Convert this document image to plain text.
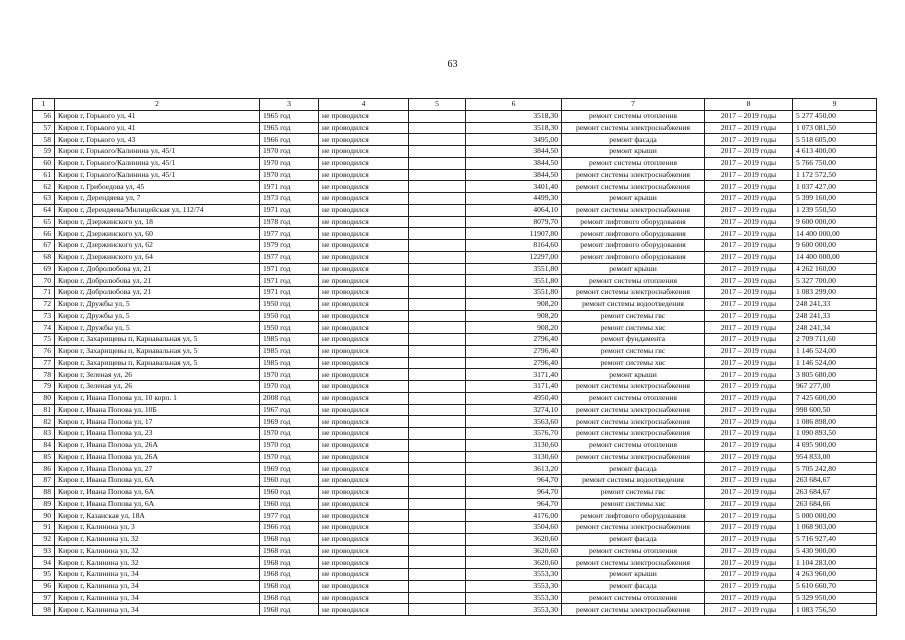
63
1	2	3	4	5	6	7	8	9
56	Киров г, Горького ул, 41	1965 год	не проводился		3518,30	ремонт системы отопления	2017 – 2019 годы	5 277 450,00
57	Киров г, Горького ул, 41	1965 год	не проводился		3518,30	ремонт системы электроснабжения	2017 – 2019 годы	1 073 081,50
58	Киров г, Горького ул, 43	1966 год	не проводился		3495,00	ремонт фасада	2017 – 2019 годы	5 518 605,00
59	Киров г, Горького/Калинина ул, 45/1	1970 год	не проводился		3844,50	ремонт крыши	2017 – 2019 годы	4 613 400,00
60	Киров г, Горького/Калинина ул, 45/1	1970 год	не проводился		3844,50	ремонт системы отопления	2017 – 2019 годы	5 766 750,00
61	Киров г, Горького/Калинина ул, 45/1	1970 год	не проводился		3844,50	ремонт системы электроснабжения	2017 – 2019 годы	1 172 572,50
62	Киров г, Грибоедова ул, 45	1971 год	не проводился		3401,40	ремонт системы электроснабжения	2017 – 2019 годы	1 037 427,00
63	Киров г, Дерендяева ул, 7	1973 год	не проводился		4499,30	ремонт крыши	2017 – 2019 годы	5 399 160,00
64	Киров г, Дерендяева/Милицейская ул, 112/74	1971 год	не проводился		4064,10	ремонт системы электроснабжения	2017 – 2019 годы	1 239 550,50
65	Киров г, Дзержинского ул, 18	1978 год	не проводился		8079,70	ремонт лифтового оборудования	2017 – 2019 годы	9 600 000,00
66	Киров г, Дзержинского ул, 60	1977 год	не проводился		11907,80	ремонт лифтового оборудования	2017 – 2019 годы	14 400 000,00
67	Киров г, Дзержинского ул, 62	1979 год	не проводился		8164,60	ремонт лифтового оборудования	2017 – 2019 годы	9 600 000,00
68	Киров г, Дзержинского ул, 64	1977 год	не проводился		12297,00	ремонт лифтового оборудования	2017 – 2019 годы	14 400 000,00
69	Киров г, Добролюбова ул, 21	1971 год	не проводился		3551,80	ремонт крыши	2017 – 2019 годы	4 262 160,00
70	Киров г, Добролюбова ул, 21	1971 год	не проводился		3551,80	ремонт системы отопления	2017 – 2019 годы	5 327 700,00
71	Киров г, Добролюбова ул, 21	1971 год	не проводился		3551,80	ремонт системы электроснабжения	2017 – 2019 годы	1 083 299,00
72	Киров г, Дружбы ул, 5	1950 год	не проводился		908,20	ремонт системы водоотведения	2017 – 2019 годы	248 241,33
73	Киров г, Дружбы ул, 5	1950 год	не проводился		908,20	ремонт системы гвс	2017 – 2019 годы	248 241,33
74	Киров г, Дружбы ул, 5	1950 год	не проводился		908,20	ремонт системы хвс	2017 – 2019 годы	248 241,34
75	Киров г, Захарищевы п, Карнавальная ул, 5	1985 год	не проводился		2796,40	ремонт фундамента	2017 – 2019 годы	2 709 711,60
76	Киров г, Захарищевы п, Карнавальная ул, 5	1985 год	не проводился		2796,40	ремонт системы гвс	2017 – 2019 годы	1 146 524,00
77	Киров г, Захарищевы п, Карнавальная ул, 5	1985 год	не проводился		2796,40	ремонт системы хвс	2017 – 2019 годы	1 146 524,00
78	Киров г, Зеленая ул, 26	1970 год	не проводился		3171,40	ремонт крыши	2017 – 2019 годы	3 805 680,00
79	Киров г, Зеленая ул, 26	1970 год	не проводился		3171,40	ремонт системы электроснабжения	2017 – 2019 годы	967 277,00
80	Киров г, Ивана Попова ул, 10 корп. 1	2008 год	не проводился		4950,40	ремонт системы отопления	2017 – 2019 годы	7 425 600,00
81	Киров г, Ивана Попова ул, 10Б	1967 год	не проводился		3274,10	ремонт системы электроснабжения	2017 – 2019 годы	998 600,50
82	Киров г, Ивана Попова ул, 17	1969 год	не проводился		3563,60	ремонт системы электроснабжения	2017 – 2019 годы	1 086 898,00
83	Киров г, Ивана Попова ул, 23	1970 год	не проводился		3576,70	ремонт системы электроснабжения	2017 – 2019 годы	1 090 893,50
84	Киров г, Ивана Попова ул, 26А	1970 год	не проводился		3130,60	ремонт системы отопления	2017 – 2019 годы	4 695 900,00
85	Киров г, Ивана Попова ул, 26А	1970 год	не проводился		3130,60	ремонт системы электроснабжения	2017 – 2019 годы	954 833,00
86	Киров г, Ивана Попова ул, 27	1969 год	не проводился		3613,20	ремонт фасада	2017 – 2019 годы	5 705 242,80
87	Киров г, Ивана Попова ул, 6А	1960 год	не проводился		964,70	ремонт системы водоотведения	2017 – 2019 годы	263 684,67
88	Киров г, Ивана Попова ул, 6А	1960 год	не проводился		964,70	ремонт системы гвс	2017 – 2019 годы	263 684,67
89	Киров г, Ивана Попова ул, 6А	1960 год	не проводился		964,70	ремонт системы хвс	2017 – 2019 годы	263 684,66
90	Киров г, Казанская ул, 18А	1977 год	не проводился		4176,00	ремонт лифтового оборудования	2017 – 2019 годы	5 000 000,00
91	Киров г, Калинина ул, 3	1966 год	не проводился		3504,60	ремонт системы электроснабжения	2017 – 2019 годы	1 068 903,00
92	Киров г, Калинина ул, 32	1968 год	не проводился		3620,60	ремонт фасада	2017 – 2019 годы	5 716 927,40
93	Киров г, Калинина ул, 32	1968 год	не проводился		3620,60	ремонт системы отопления	2017 – 2019 годы	5 430 900,00
94	Киров г, Калинина ул, 32	1968 год	не проводился		3620,60	ремонт системы электроснабжения	2017 – 2019 годы	1 104 283,00
95	Киров г, Калинина ул, 34	1968 год	не проводился		3553,30	ремонт крыши	2017 – 2019 годы	4 263 960,00
96	Киров г, Калинина ул, 34	1968 год	не проводился		3553,30	ремонт фасада	2017 – 2019 годы	5 610 660,70
97	Киров г, Калинина ул, 34	1968 год	не проводился		3553,30	ремонт системы отопления	2017 – 2019 годы	5 329 950,00
98	Киров г, Калинина ул, 34	1968 год	не проводился		3553,30	ремонт системы электроснабжения	2017 – 2019 годы	1 083 756,50
